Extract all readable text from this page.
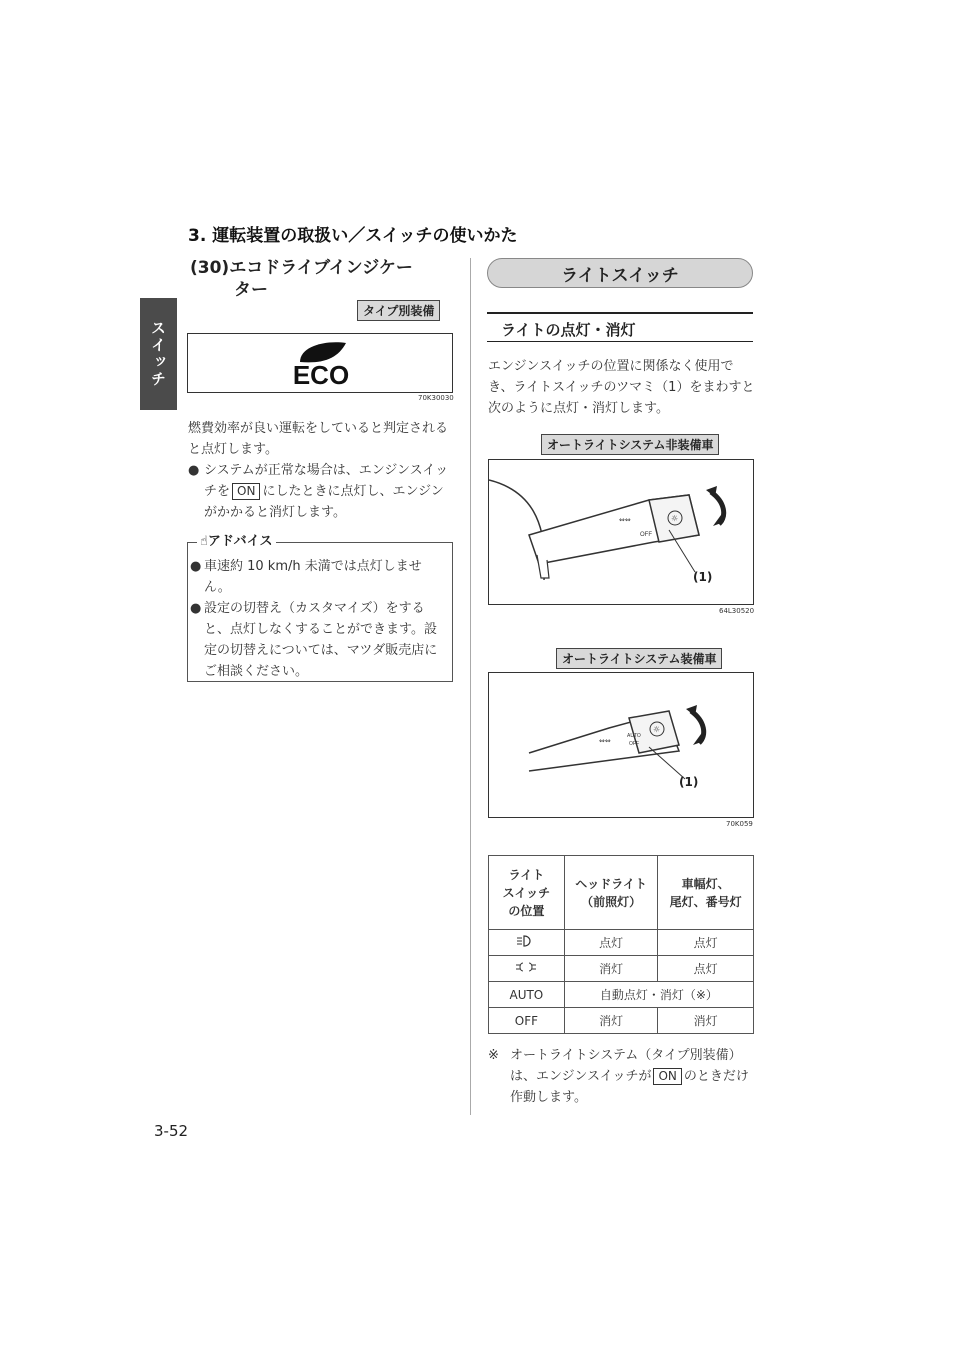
スイッチ
3. 運転装置の取扱い／スイッチの使いかた
(30)エコドライブインジケー
ター
タイプ別装備
ECO
70K30030
燃費効率が良い運転をしていると判定されると点灯します。
● システムが正常な場合は、エンジンスイッチを ON にしたときに点灯し、エンジンがかかると消灯します。
☝アドバイス
● 車速約 10 km/h 未満では点灯しません。
● 設定の切替え（カスタマイズ）をすると、点灯しなくすることができます。設定の切替えについては、マツダ販売店にご相談ください。
ライトスイッチ
ライトの点灯・消灯
エンジンスイッチの位置に関係なく使用でき、ライトスイッチのツマミ（1）をまわすと次のように点灯・消灯します。
オートライトシステム非装備車
☼
⇔⇔
OFF
(1)
64L30520
オートライトシステム装備車
☼
⇔⇔
AUTO
OFF
(1)
70K059
ライト
スイッチ
の位置	ヘッドライト
（前照灯）	車幅灯、
尾灯、番号灯
	点灯	点灯
	消灯	点灯
AUTO	自動点灯・消灯（※）	
OFF	消灯	消灯
※ オートライトシステム（タイプ別装備）は、エンジンスイッチが ON のときだけ作動します。
3-52
